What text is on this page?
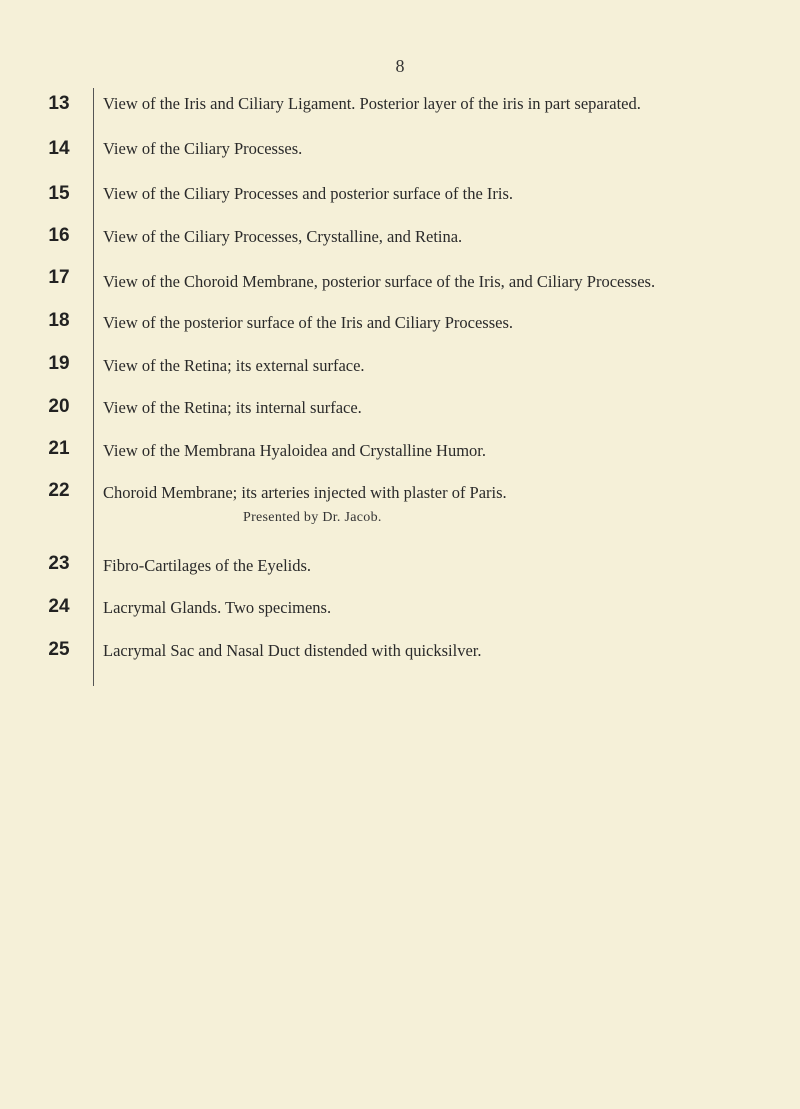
8
13	View of the Iris and Ciliary Ligament. Posterior layer of the iris in part separated.
14	View of the Ciliary Processes.
15	View of the Ciliary Processes and posterior surface of the Iris.
16	View of the Ciliary Processes, Crystalline, and Retina.
17	View of the Choroid Membrane, posterior surface of the Iris, and Ciliary Processes.
18	View of the posterior surface of the Iris and Ciliary Processes.
19	View of the Retina; its external surface.
20	View of the Retina; its internal surface.
21	View of the Membrana Hyaloidea and Crystalline Humor.
22	Choroid Membrane; its arteries injected with plaster of Paris.
Presented by Dr. Jacob.
23	Fibro-Cartilages of the Eyelids.
24	Lacrymal Glands. Two specimens.
25	Lacrymal Sac and Nasal Duct distended with quicksilver.
